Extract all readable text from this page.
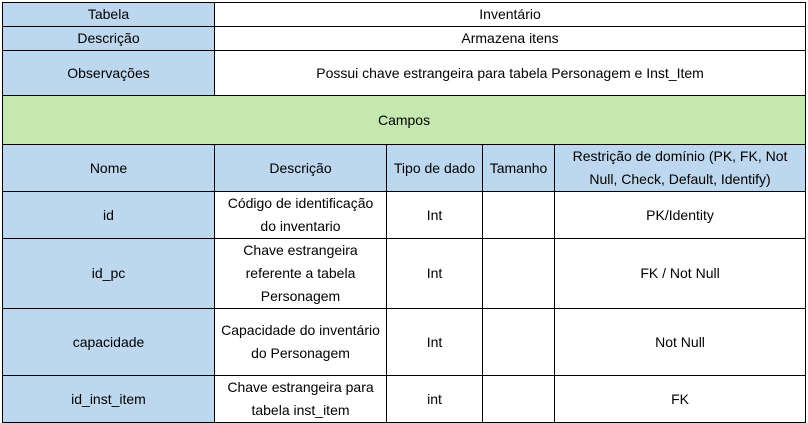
Tabela	Inventário			
Descrição	Armazena itens			
Observações	Possui chave estrangeira para tabela Personagem e Inst_Item			
Campos				
Nome	Descrição	Tipo de dado	Tamanho	Restrição de domínio (PK, FK, Not Null, Check, Default, Identify)
id	Código de identificação do inventario	Int		PK/Identity
id_pc	Chave estrangeira referente a tabela Personagem	Int		FK / Not Null
capacidade	Capacidade do inventário do Personagem	Int		Not Null
id_inst_item	Chave estrangeira para tabela inst_item	int		FK
